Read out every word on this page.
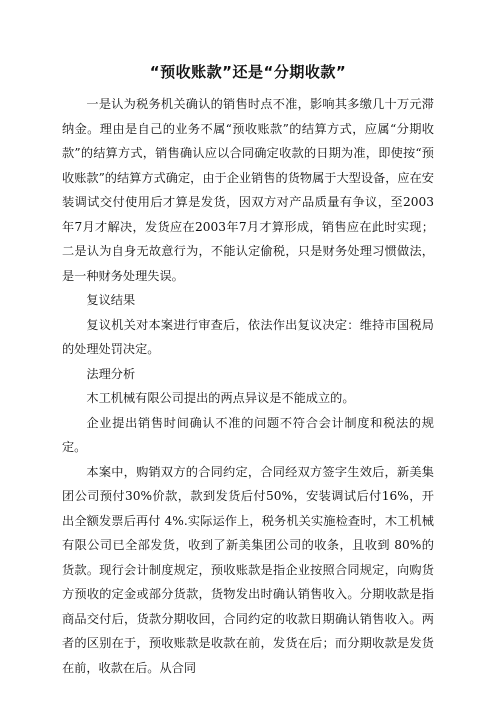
“预收账款”还是“分期收款”

一是认为税务机关确认的销售时点不准，影响其多缴几十万元滞纳金。理由是自己的业务不属“预收账款”的结算方式，应属“分期收款”的结算方式，销售确认应以合同确定收款的日期为准，即使按“预收账款”的结算方式确定，由于企业销售的货物属于大型设备，应在安装调试交付使用后才算是发货，因双方对产品质量有争议，至2003年7月才解决，发货应在2003年7月才算形成，销售应在此时实现；二是认为自身无故意行为，不能认定偷税，只是财务处理习惯做法，是一种财务处理失误。

复议结果

复议机关对本案进行审查后，依法作出复议决定：维持市国税局的处理处罚决定。

法理分析

木工机械有限公司提出的两点异议是不能成立的。

企业提出销售时间确认不准的问题不符合会计制度和税法的规定。

本案中，购销双方的合同约定，合同经双方签字生效后，新美集团公司预付30%价款，款到发货后付50%，安装调试后付16%，开出全额发票后再付 4%.实际运作上，税务机关实施检查时，木工机械有限公司已全部发货，收到了新美集团公司的收条，且收到 80%的货款。现行会计制度规定，预收账款是指企业按照合同规定，向购货方预收的定金或部分货款，货物发出时确认销售收入。分期收款是指商品交付后，货款分期收回，合同约定的收款日期确认销售收入。两者的区别在于，预收账款是收款在前，发货在后；而分期收款是发货在前，收款在后。从合同
